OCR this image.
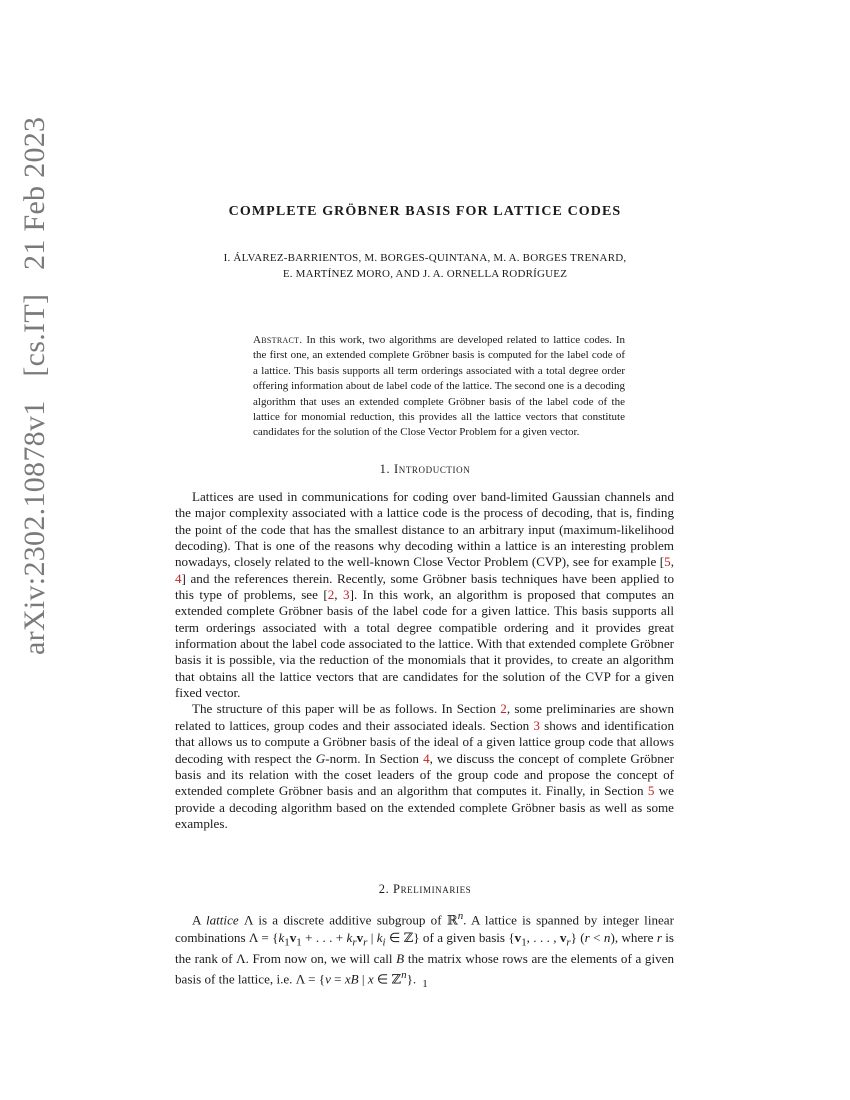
arXiv:2302.10878v1 [cs.IT] 21 Feb 2023	COMPLETE GRÖBNER BASIS FOR LATTICE CODES
I. ÁLVAREZ-BARRIENTOS, M. BORGES-QUINTANA, M. A. BORGES TRENARD,
E. MARTÍNEZ MORO, AND J. A. ORNELLA RODRÍGUEZ
Abstract. In this work, two algorithms are developed related to lattice codes. In the first one, an extended complete Gröbner basis is computed for the label code of a lattice. This basis supports all term orderings associated with a total degree order offering information about de label code of the lattice. The second one is a decoding algorithm that uses an extended complete Gröbner basis of the label code of the lattice for monomial reduction, this provides all the lattice vectors that constitute candidates for the solution of the Close Vector Problem for a given vector.
1. Introduction

Lattices are used in communications for coding over band-limited Gaussian channels and the major complexity associated with a lattice code is the process of decoding, that is, finding the point of the code that has the smallest distance to an arbitrary input (maximum-likelihood decoding). That is one of the reasons why decoding within a lattice is an interesting problem nowadays, closely related to the well-known Close Vector Problem (CVP), see for example [5, 4] and the references therein. Recently, some Gröbner basis techniques have been applied to this type of problems, see [2, 3]. In this work, an algorithm is proposed that computes an extended complete Gröbner basis of the label code for a given lattice. This basis supports all term orderings associated with a total degree compatible ordering and it provides great information about the label code associated to the lattice. With that extended complete Gröbner basis it is possible, via the reduction of the monomials that it provides, to create an algorithm that obtains all the lattice vectors that are candidates for the solution of the CVP for a given fixed vector.

The structure of this paper will be as follows. In Section 2, some preliminaries are shown related to lattices, group codes and their associated ideals. Section 3 shows and identification that allows us to compute a Gröbner basis of the ideal of a given lattice group code that allows decoding with respect the G-norm. In Section 4, we discuss the concept of complete Gröbner basis and its relation with the coset leaders of the group code and propose the concept of extended complete Gröbner basis and an algorithm that computes it. Finally, in Section 5 we provide a decoding algorithm based on the extended complete Gröbner basis as well as some examples.

2. Preliminaries

A lattice Λ is a discrete additive subgroup of ℝ$^n$. A lattice is spanned by integer linear combinations $\Lambda = \{k_1v_1$ + . . . + $k_rv_r$ | $k_i$ ∈ ℤ} of a given basis {$v_1$, . . . , $v_r$} (r < n), where r is the rank of Λ. From now on, we will call B the matrix whose rows are the elements of a given basis of the lattice, i.e. Λ = {v = xB | x ∈ ℤ$^n$}. 1
